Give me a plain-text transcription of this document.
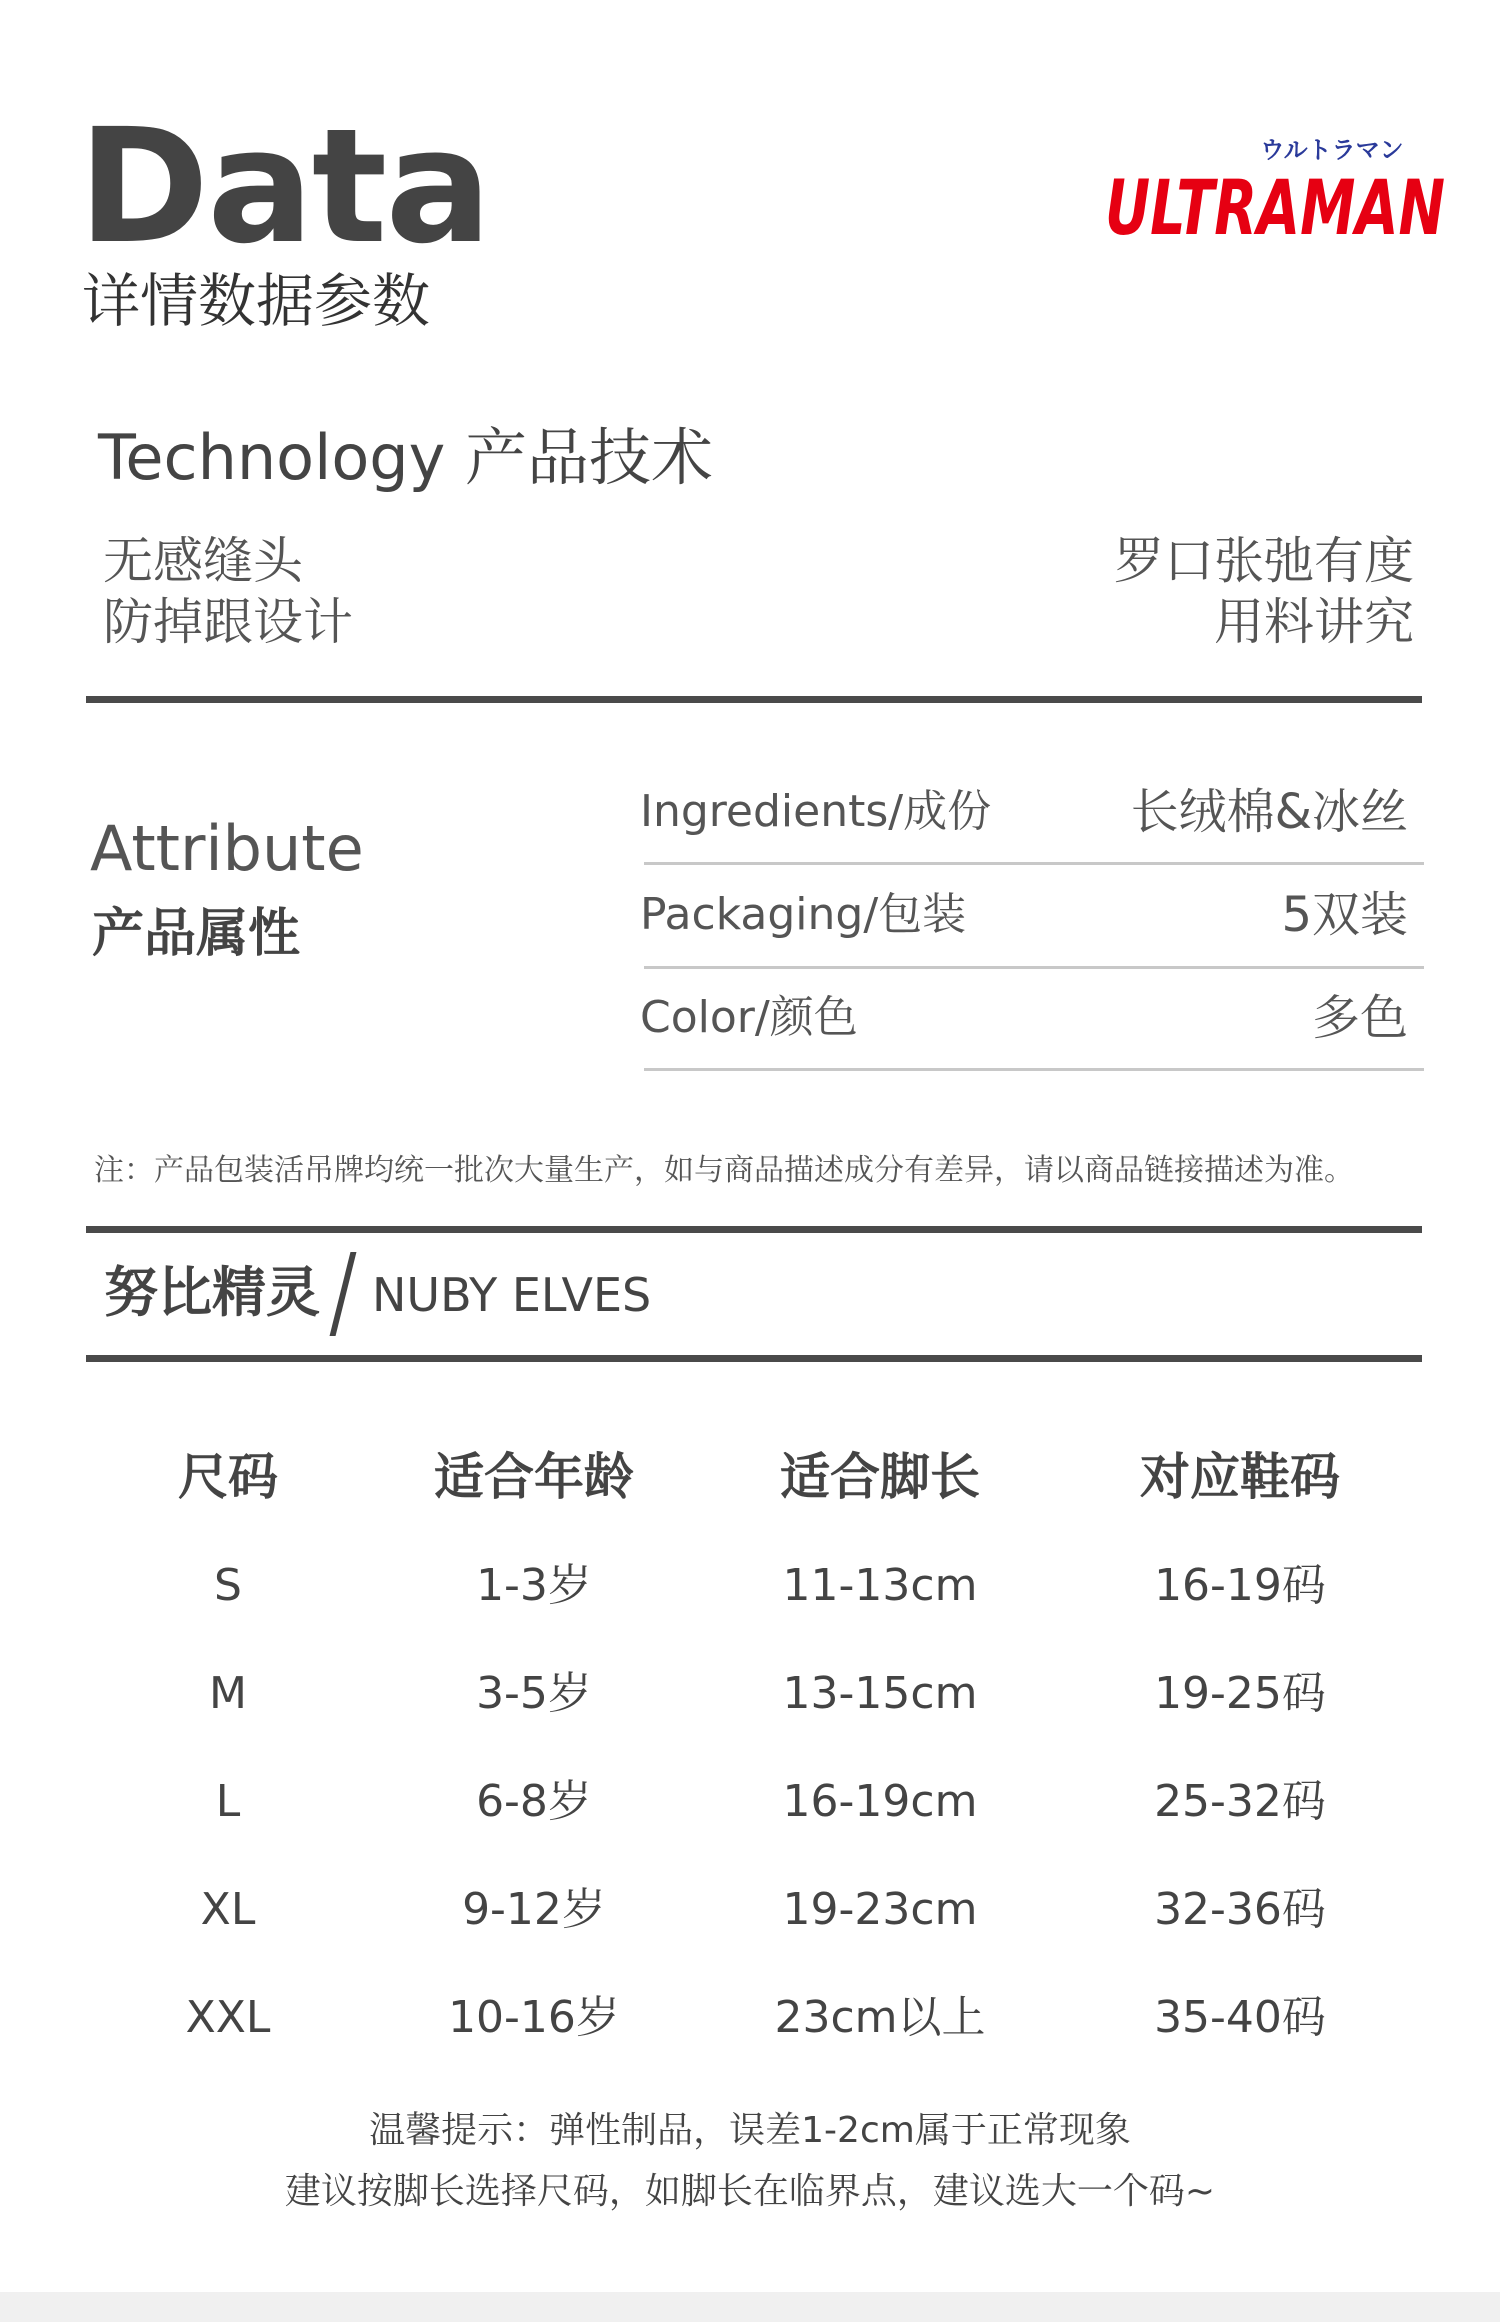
Data
详情数据参数
ウルトラマン
ULTRAMAN
Technology 产品技术
无感缝头
防掉跟设计
罗口张弛有度
用料讲究
Attribute
产品属性
Ingredients/成份	长绒棉&冰丝
Packaging/包装	5双装
Color/颜色	多色
注：产品包装活吊牌均统一批次大量生产，如与商品描述成分有差异，请以商品链接描述为准。
努比精灵 NUBY ELVES
尺码	适合年龄	适合脚长	对应鞋码
S	1-3岁	11-13cm	16-19码
M	3-5岁	13-15cm	19-25码
L	6-8岁	16-19cm	25-32码
XL	9-12岁	19-23cm	32-36码
XXL	10-16岁	23cm以上	35-40码
温馨提示：弹性制品，误差1-2cm属于正常现象
建议按脚长选择尺码，如脚长在临界点，建议选大一个码~
